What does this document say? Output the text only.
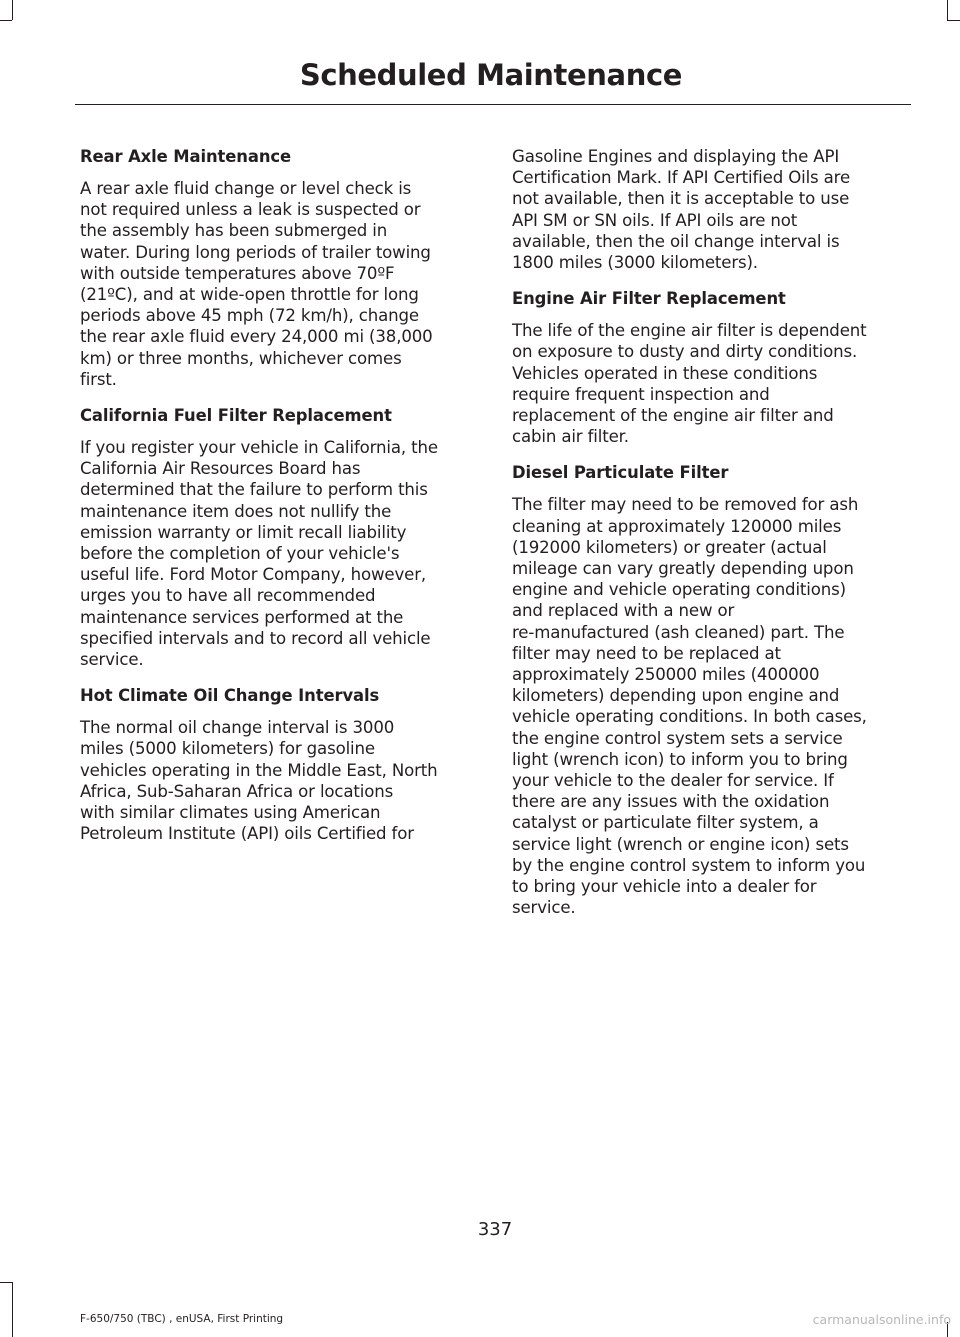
Scheduled Maintenance
Rear Axle Maintenance
A rear axle fluid change or level check is
not required unless a leak is suspected or
the assembly has been submerged in
water. During long periods of trailer towing
with outside temperatures above 70ºF
(21ºC), and at wide-open throttle for long
periods above 45 mph (72 km/h), change
the rear axle fluid every 24,000 mi (38,000
km) or three months, whichever comes
first.
California Fuel Filter Replacement
If you register your vehicle in California, the
California Air Resources Board has
determined that the failure to perform this
maintenance item does not nullify the
emission warranty or limit recall liability
before the completion of your vehicle's
useful life. Ford Motor Company, however,
urges you to have all recommended
maintenance services performed at the
specified intervals and to record all vehicle
service.
Hot Climate Oil Change Intervals
The normal oil change interval is 3000
miles (5000 kilometers) for gasoline
vehicles operating in the Middle East, North
Africa, Sub-Saharan Africa or locations
with similar climates using American
Petroleum Institute (API) oils Certified for
Gasoline Engines and displaying the API
Certification Mark. If API Certified Oils are
not available, then it is acceptable to use
API SM or SN oils. If API oils are not
available, then the oil change interval is
1800 miles (3000 kilometers).
Engine Air Filter Replacement
The life of the engine air filter is dependent
on exposure to dusty and dirty conditions.
Vehicles operated in these conditions
require frequent inspection and
replacement of the engine air filter and
cabin air filter.
Diesel Particulate Filter
The filter may need to be removed for ash
cleaning at approximately 120000 miles
(192000 kilometers) or greater (actual
mileage can vary greatly depending upon
engine and vehicle operating conditions)
and replaced with a new or
re-manufactured (ash cleaned) part. The
filter may need to be replaced at
approximately 250000 miles (400000
kilometers) depending upon engine and
vehicle operating conditions. In both cases,
the engine control system sets a service
light (wrench icon) to inform you to bring
your vehicle to the dealer for service. If
there are any issues with the oxidation
catalyst or particulate filter system, a
service light (wrench or engine icon) sets
by the engine control system to inform you
to bring your vehicle into a dealer for
service.
337
F-650/750 (TBC) , enUSA, First Printing	carmanualsonline.info
